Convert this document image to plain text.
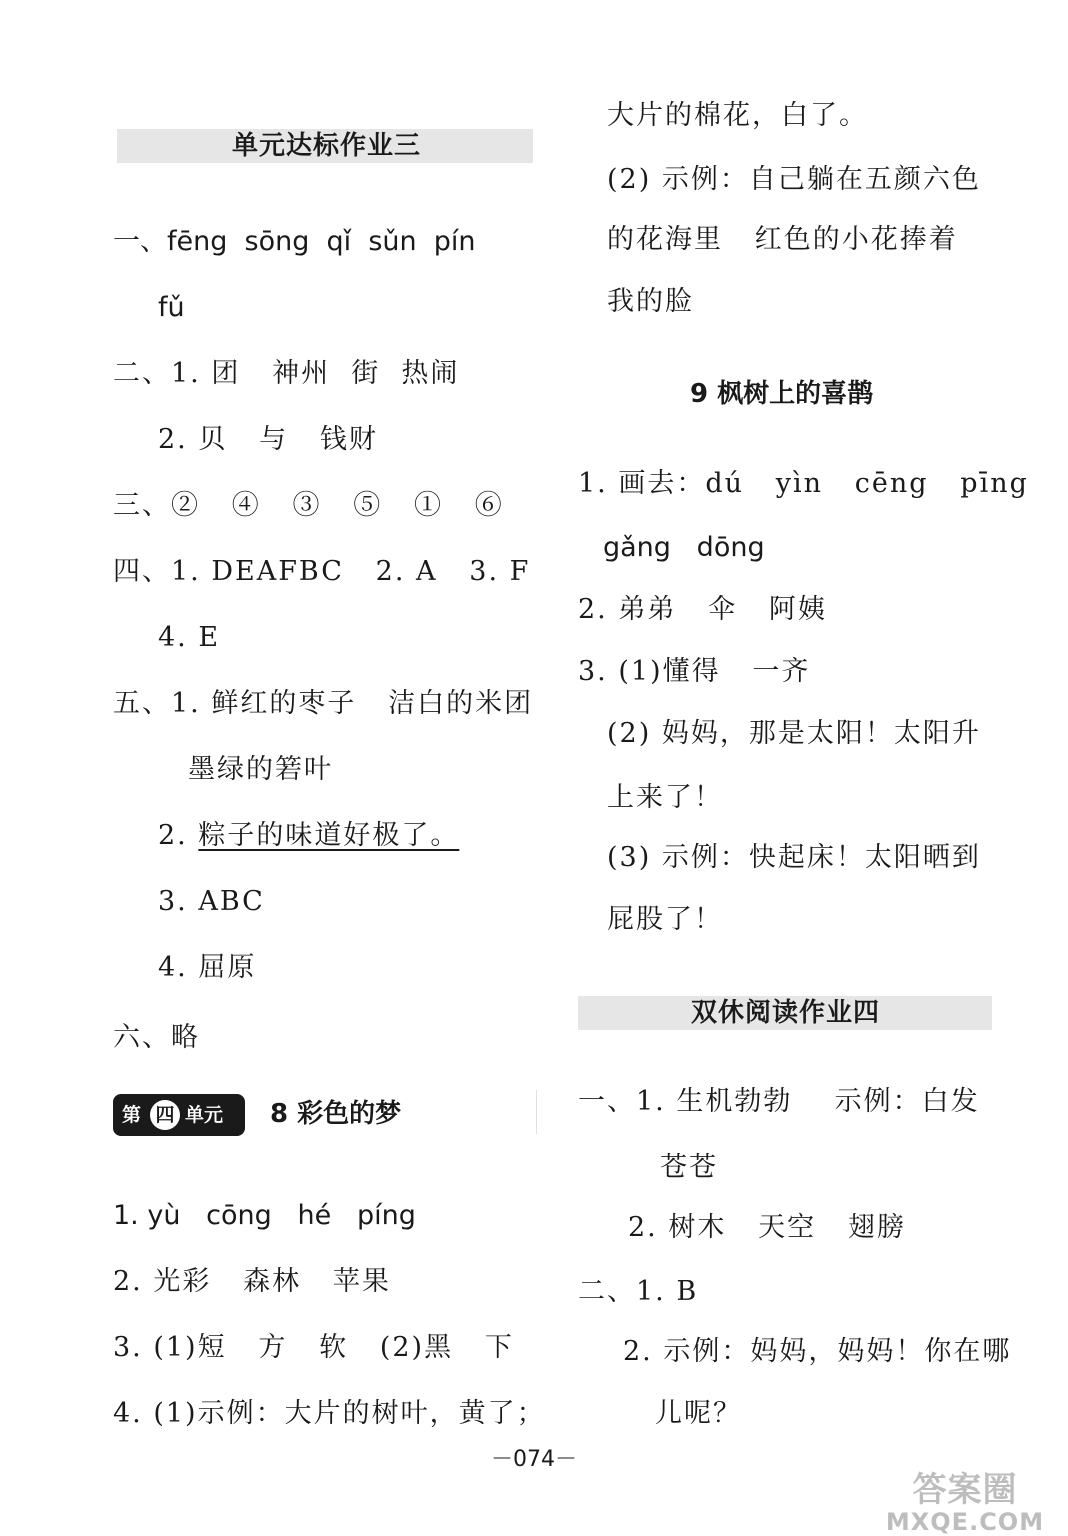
单元达标作业三
一、fēng  sōng  qǐ  sǔn  pín
fǔ
二、1. 团   神州  街  热闹
2. 贝   与   钱财
三、②   ④   ③   ⑤   ①   ⑥
四、1. DEAFBC   2. A   3. F
4. E
五、1. 鲜红的枣子   洁白的米团
墨绿的箬叶
2. 粽子的味道好极了。
3. ABC
4. 屈原
六、略
第 四 单元 8 彩色的梦
1. yù   cōng   hé   píng
2. 光彩   森林   苹果
3. (1)短   方   软   (2)黑   下
4. (1)示例：大片的树叶，黄了；
大片的棉花，白了。
(2) 示例：自己躺在五颜六色
的花海里   红色的小花捧着
我的脸
9 枫树上的喜鹊
1. 画去：dú   yìn   cēng   pīng
gǎng   dōng
2. 弟弟   伞   阿姨
3. (1)懂得   一齐
(2) 妈妈，那是太阳！太阳升
上来了！
(3) 示例：快起床！太阳晒到
屁股了！
双休阅读作业四
一、1. 生机勃勃    示例：白发
苍苍
2. 树木   天空   翅膀
二、1. B
2. 示例：妈妈，妈妈！你在哪
儿呢？
－074－
答案圈
MXQE.COM
